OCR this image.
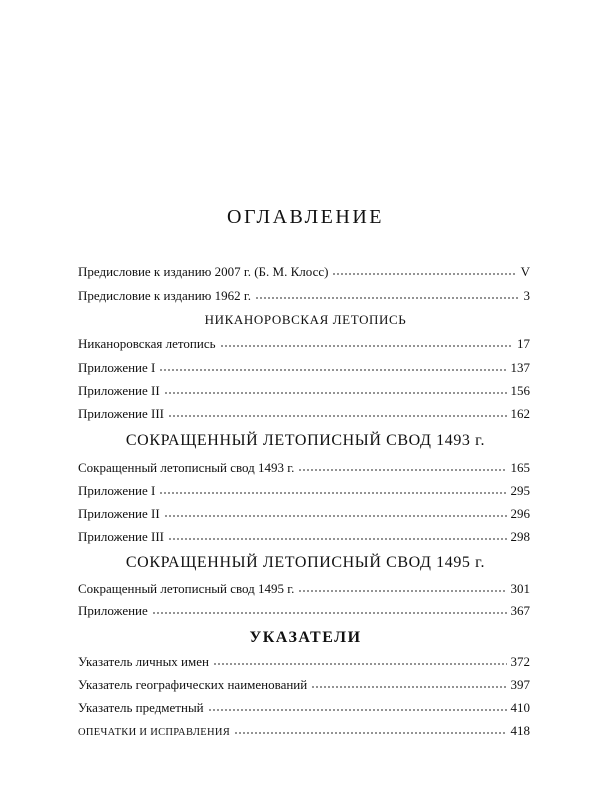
ОГЛАВЛЕНИЕ
Предисловие к изданию 2007 г. (Б. М. Клосс)	V
Предисловие к изданию 1962 г.	3
НИКАНОРОВСКАЯ ЛЕТОПИСЬ
Никаноровская летопись	17
Приложение I	137
Приложение II	156
Приложение III	162
СОКРАЩЕННЫЙ ЛЕТОПИСНЫЙ СВОД 1493 г.
Сокращенный летописный свод 1493 г.	165
Приложение I	295
Приложение II	296
Приложение III	298
СОКРАЩЕННЫЙ ЛЕТОПИСНЫЙ СВОД 1495 г.
Сокращенный летописный свод 1495 г.	301
Приложение	367
УКАЗАТЕЛИ
Указатель личных имен	372
Указатель географических наименований	397
Указатель предметный	410
ОПЕЧАТКИ И ИСПРАВЛЕНИЯ	418
